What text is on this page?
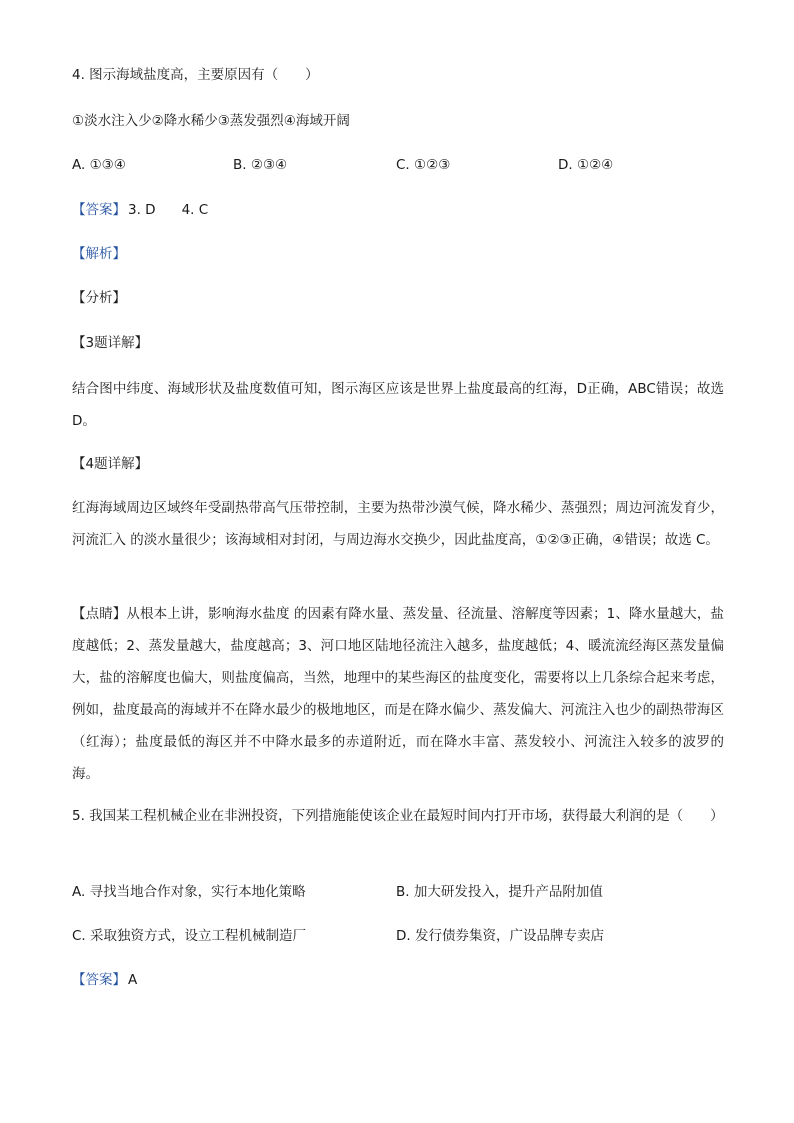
4. 图示海域盐度高，主要原因有（　　）
①淡水注入少②降水稀少③蒸发强烈④海域开阔
A. ①③④	B. ②③④	C. ①②③	D. ①②④
【答案】 3. D 4. C
【解析】
【分析】
【3题详解】
结合图中纬度、海域形状及盐度数值可知，图示海区应该是世界上盐度最高的红海，D正确，ABC错误；故选 D。
【4题详解】
红海海域周边区域终年受副热带高气压带控制，主要为热带沙漠气候，降水稀少、蒸强烈；周边河流发育少，河流汇入 的淡水量很少；该海域相对封闭，与周边海水交换少，因此盐度高，①②③正确，④错误；故选 C。
【点睛】从根本上讲，影响海水盐度 的因素有降水量、蒸发量、径流量、溶解度等因素；1、降水量越大，盐度越低；2、蒸发量越大，盐度越高；3、河口地区陆地径流注入越多，盐度越低；4、暖流流经海区蒸发量偏大，盐的溶解度也偏大，则盐度偏高，当然，地理中的某些海区的盐度变化，需要将以上几条综合起来考虑，例如，盐度最高的海域并不在降水最少的极地地区，而是在降水偏少、蒸发偏大、河流注入也少的副热带海区（红海）；盐度最低的海区并不中降水最多的赤道附近，而在降水丰富、蒸发较小、河流注入较多的波罗的海。
5. 我国某工程机械企业在非洲投资，下列措施能使该企业在最短时间内打开市场，获得最大利润的是（　　）
A. 寻找当地合作对象，实行本地化策略	B. 加大研发投入，提升产品附加值
C. 采取独资方式，设立工程机械制造厂	D. 发行债券集资，广设品牌专卖店
【答案】 A
